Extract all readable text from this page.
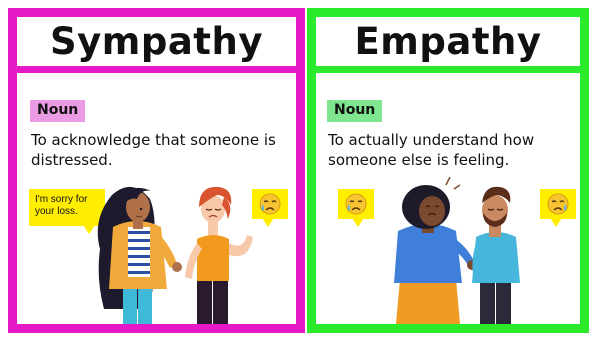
Sympathy
Noun

To acknowledge that someone is distressed.

I'm sorry for your loss.
Empathy
Noun

To actually understand how someone else is feeling.
